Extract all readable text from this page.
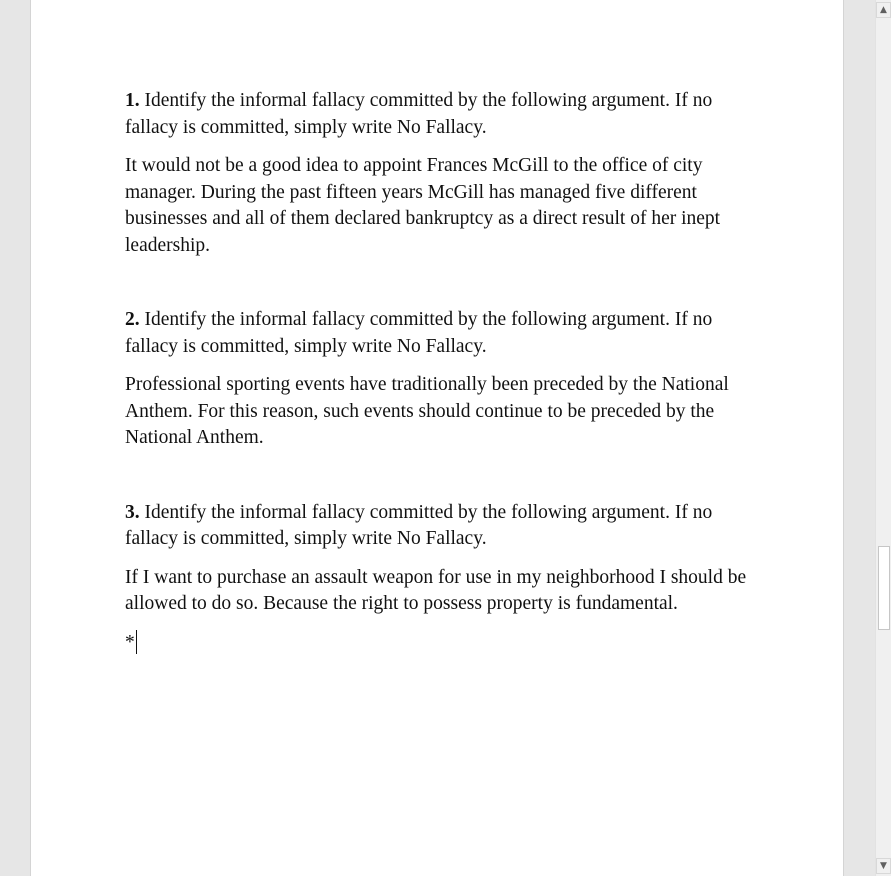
1. Identify the informal fallacy committed by the following argument. If no fallacy is committed, simply write No Fallacy.

It would not be a good idea to appoint Frances McGill to the office of city manager. During the past fifteen years McGill has managed five different businesses and all of them declared bankruptcy as a direct result of her inept leadership.

2. Identify the informal fallacy committed by the following argument. If no fallacy is committed, simply write No Fallacy.

Professional sporting events have traditionally been preceded by the National Anthem. For this reason, such events should continue to be preceded by the National Anthem.

3. Identify the informal fallacy committed by the following argument. If no fallacy is committed, simply write No Fallacy.

If I want to purchase an assault weapon for use in my neighborhood I should be allowed to do so. Because the right to possess property is fundamental.

*

▲
▼
